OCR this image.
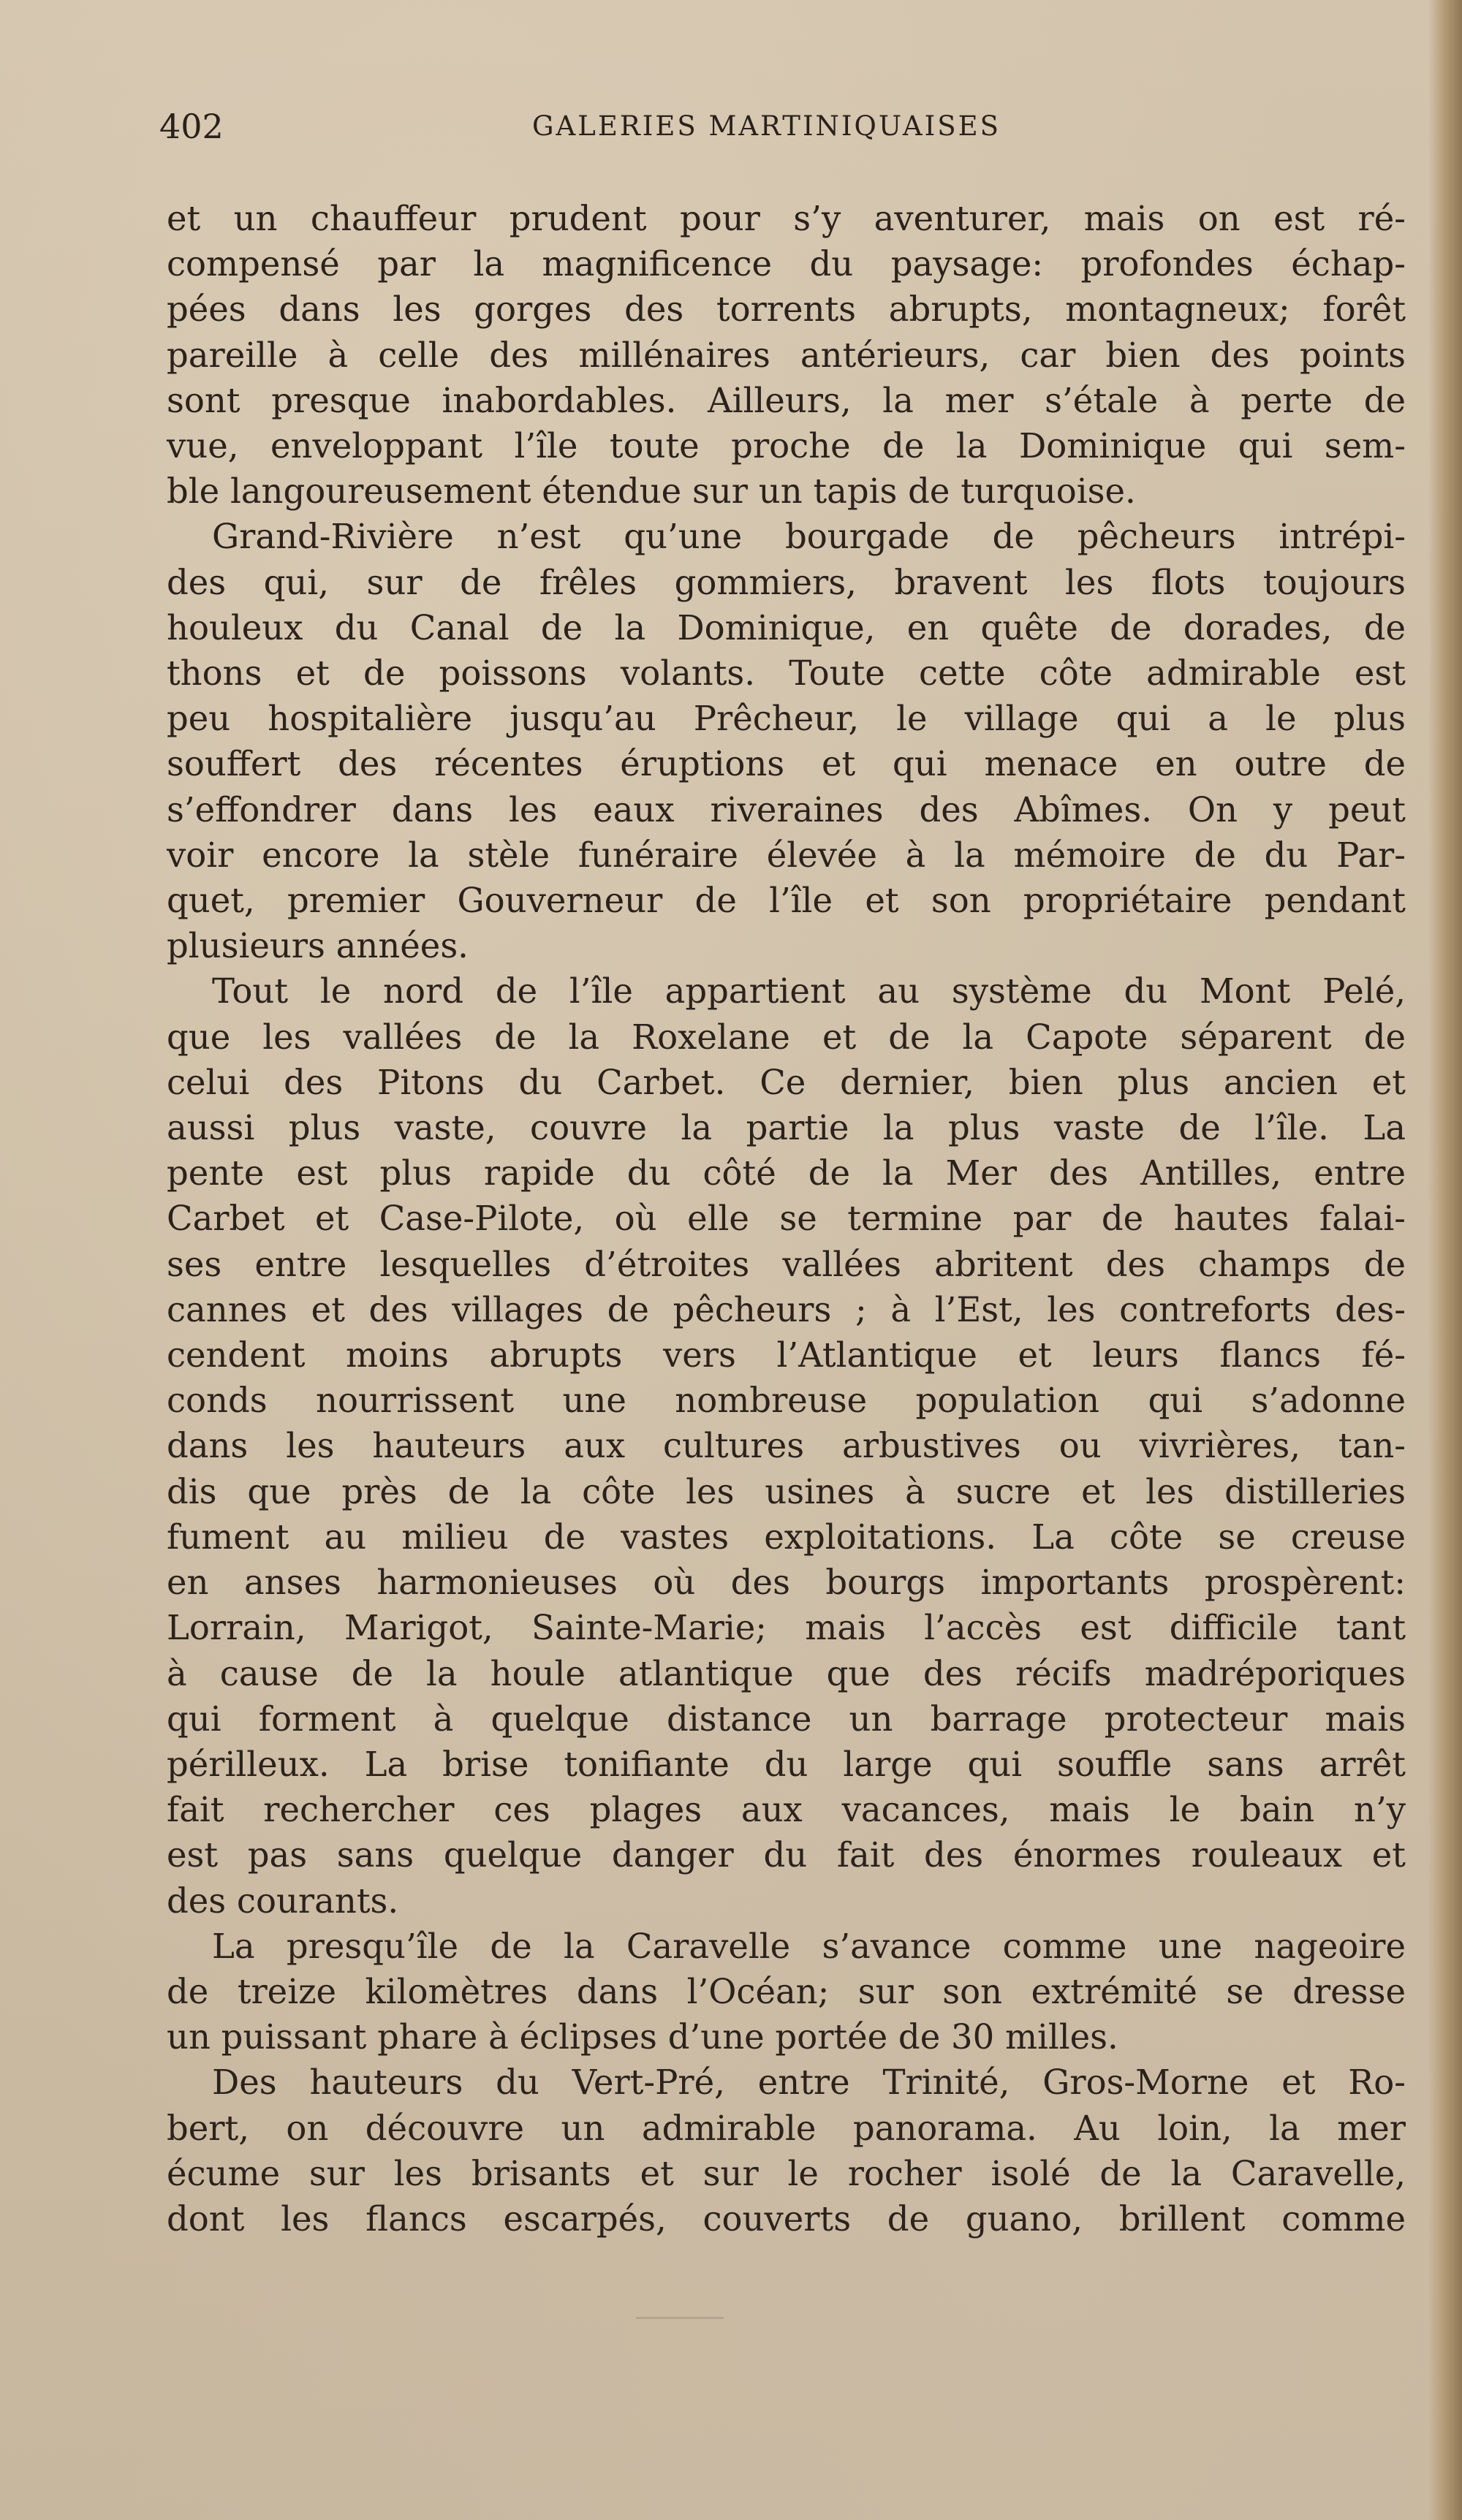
402	GALERIES MARTINIQUAISES

et un chauffeur prudent pour s’y aventurer, mais on est ré-
compensé par la magnificence du paysage: profondes échap-
pées dans les gorges des torrents abrupts, montagneux; forêt
pareille à celle des millénaires antérieurs, car bien des points
sont presque inabordables. Ailleurs, la mer s’étale à perte de
vue, enveloppant l’île toute proche de la Dominique qui sem-
ble langoureusement étendue sur un tapis de turquoise.

Grand-Rivière n’est qu’une bourgade de pêcheurs intrépi-
des qui, sur de frêles gommiers, bravent les flots toujours
houleux du Canal de la Dominique, en quête de dorades, de
thons et de poissons volants. Toute cette côte admirable est
peu hospitalière jusqu’au Prêcheur, le village qui a le plus
souffert des récentes éruptions et qui menace en outre de
s’effondrer dans les eaux riveraines des Abîmes. On y peut
voir encore la stèle funéraire élevée à la mémoire de du Par-
quet, premier Gouverneur de l’île et son propriétaire pendant
plusieurs années.

Tout le nord de l’île appartient au système du Mont Pelé,
que les vallées de la Roxelane et de la Capote séparent de
celui des Pitons du Carbet. Ce dernier, bien plus ancien et
aussi plus vaste, couvre la partie la plus vaste de l’île. La
pente est plus rapide du côté de la Mer des Antilles, entre
Carbet et Case-Pilote, où elle se termine par de hautes falai-
ses entre lesquelles d’étroites vallées abritent des champs de
cannes et des villages de pêcheurs ; à l’Est, les contreforts des-
cendent moins abrupts vers l’Atlantique et leurs flancs fé-
conds nourrissent une nombreuse population qui s’adonne
dans les hauteurs aux cultures arbustives ou vivrières, tan-
dis que près de la côte les usines à sucre et les distilleries
fument au milieu de vastes exploitations. La côte se creuse
en anses harmonieuses où des bourgs importants prospèrent:
Lorrain, Marigot, Sainte-Marie; mais l’accès est difficile tant
à cause de la houle atlantique que des récifs madréporiques
qui forment à quelque distance un barrage protecteur mais
périlleux. La brise tonifiante du large qui souffle sans arrêt
fait rechercher ces plages aux vacances, mais le bain n’y
est pas sans quelque danger du fait des énormes rouleaux et
des courants.

La presqu’île de la Caravelle s’avance comme une nageoire
de treize kilomètres dans l’Océan; sur son extrémité se dresse
un puissant phare à éclipses d’une portée de 30 milles.

Des hauteurs du Vert-Pré, entre Trinité, Gros-Morne et Ro-
bert, on découvre un admirable panorama. Au loin, la mer
écume sur les brisants et sur le rocher isolé de la Caravelle,
dont les flancs escarpés, couverts de guano, brillent comme
